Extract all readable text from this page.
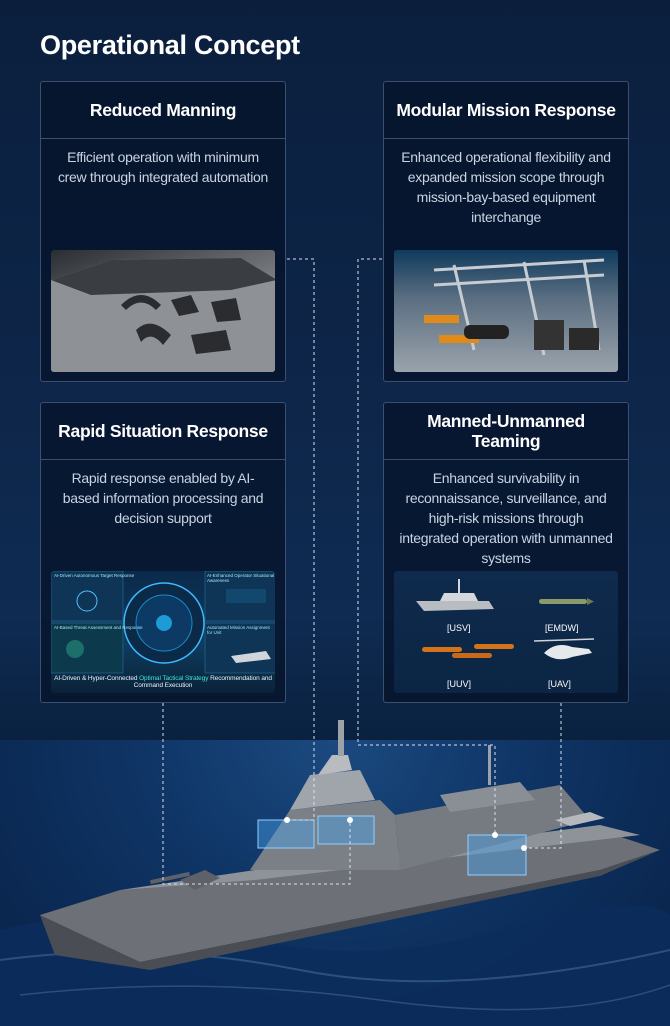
Operational Concept
Reduced Manning
Efficient operation with minimum crew through integrated automation
Modular Mission Response
Enhanced operational flexibility and expanded mission scope through mission-bay-based equipment interchange
Rapid Situation Response
Rapid response enabled by AI-based information processing and decision support
AI-Driven Autonomous Target Response	AI-Enhanced Operator Situational Awareness
AI-Based Threat Assessment and Response	Automated Mission Assignment for Unit
AI-Driven & Hyper-Connected Optimal Tactical Strategy Recommendation and Command Execution
Manned-Unmanned Teaming
Enhanced survivability in reconnaissance, surveillance, and high-risk missions through integrated operation with unmanned systems
[USV]	[EMDW]
[UUV]	[UAV]
